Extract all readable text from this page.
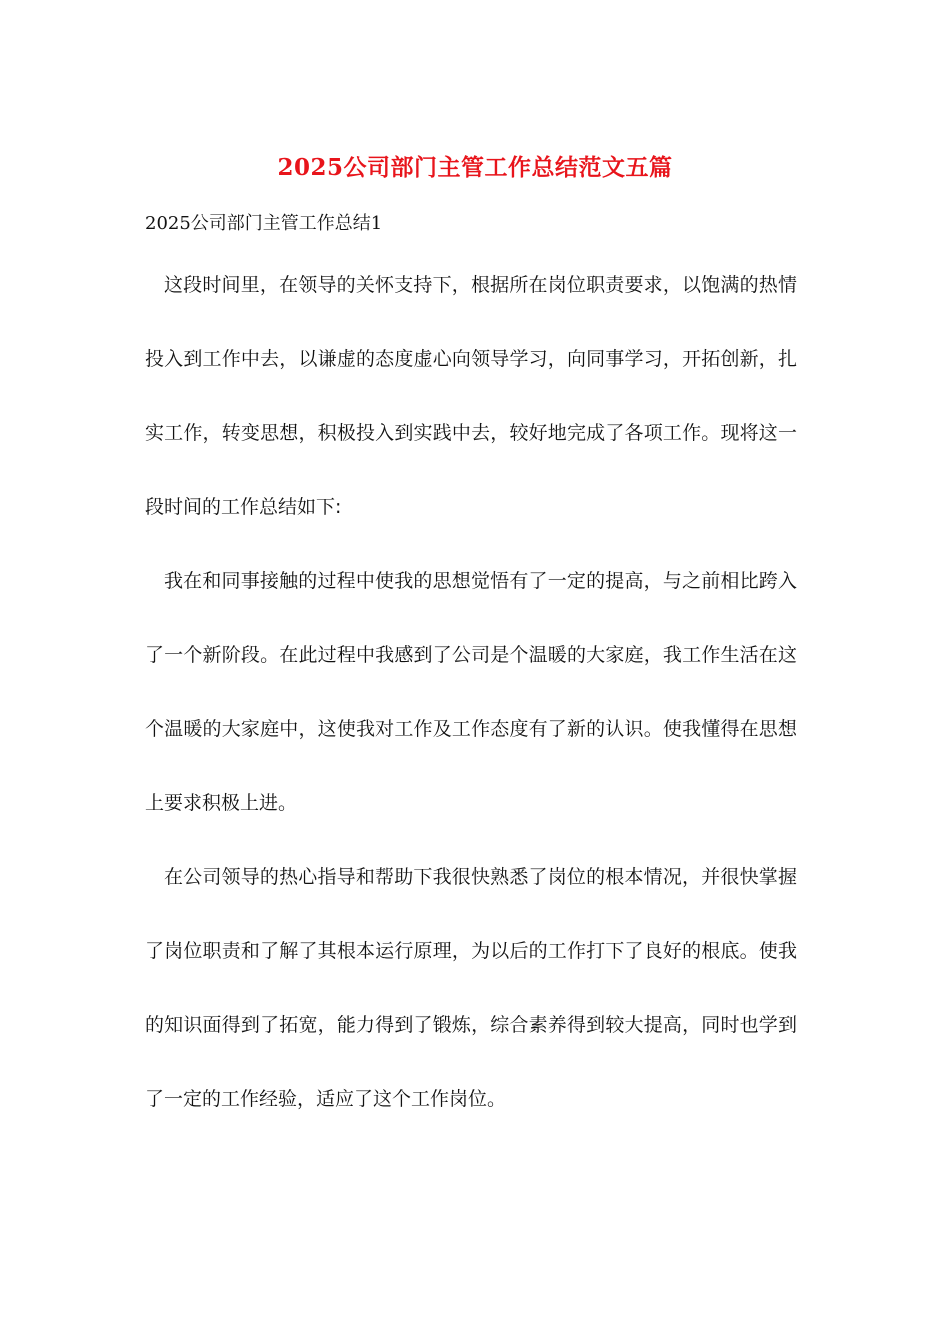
2025公司部门主管工作总结范文五篇
2025公司部门主管工作总结1

这段时间里，在领导的关怀支持下，根据所在岗位职责要求，以饱满的热情投入到工作中去，以谦虚的态度虚心向领导学习，向同事学习，开拓创新，扎实工作，转变思想，积极投入到实践中去，较好地完成了各项工作。现将这一段时间的工作总结如下:

我在和同事接触的过程中使我的思想觉悟有了一定的提高，与之前相比跨入了一个新阶段。在此过程中我感到了公司是个温暖的大家庭，我工作生活在这个温暖的大家庭中，这使我对工作及工作态度有了新的认识。使我懂得在思想上要求积极上进。

在公司领导的热心指导和帮助下我很快熟悉了岗位的根本情况，并很快掌握了岗位职责和了解了其根本运行原理，为以后的工作打下了良好的根底。使我的知识面得到了拓宽，能力得到了锻炼，综合素养得到较大提高，同时也学到了一定的工作经验，适应了这个工作岗位。
